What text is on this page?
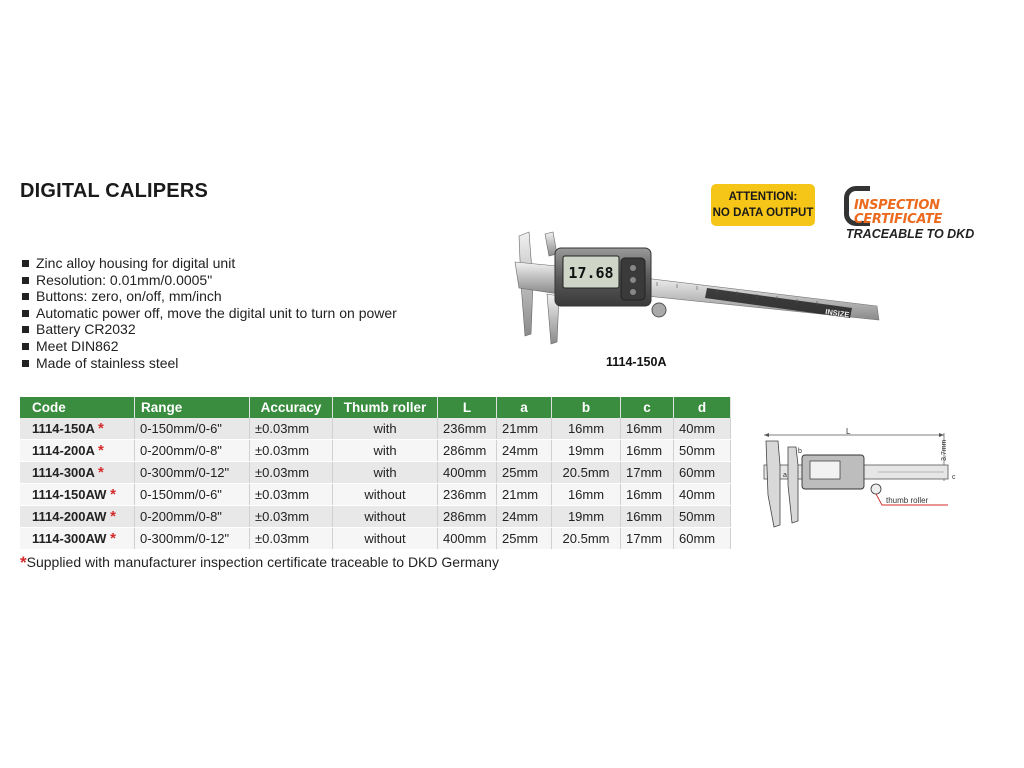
DIGITAL CALIPERS
Zinc alloy housing for digital unit
Resolution: 0.01mm/0.0005"
Buttons: zero, on/off, mm/inch
Automatic power off, move the digital unit to turn on power
Battery CR2032
Meet DIN862
Made of stainless steel
ATTENTION:
NO DATA OUTPUT	INSPECTION
CERTIFICATE
TRACEABLE TO DKD
17.68
INSIZE
1114-150A
Code	Range	Accuracy	Thumb roller	L	a	b	c	d
1114-150A *	0-150mm/0-6"	±0.03mm	with	236mm	21mm	16mm	16mm	40mm
1114-200A *	0-200mm/0-8"	±0.03mm	with	286mm	24mm	19mm	16mm	50mm
1114-300A *	0-300mm/0-12"	±0.03mm	with	400mm	25mm	20.5mm	17mm	60mm
1114-150AW *	0-150mm/0-6"	±0.03mm	without	236mm	21mm	16mm	16mm	40mm
1114-200AW *	0-200mm/0-8"	±0.03mm	without	286mm	24mm	19mm	16mm	50mm
1114-300AW *	0-300mm/0-12"	±0.03mm	without	400mm	25mm	20.5mm	17mm	60mm
*Supplied with manufacturer inspection certificate traceable to DKD Germany
L
b
a	c
3.7mm
thumb roller
